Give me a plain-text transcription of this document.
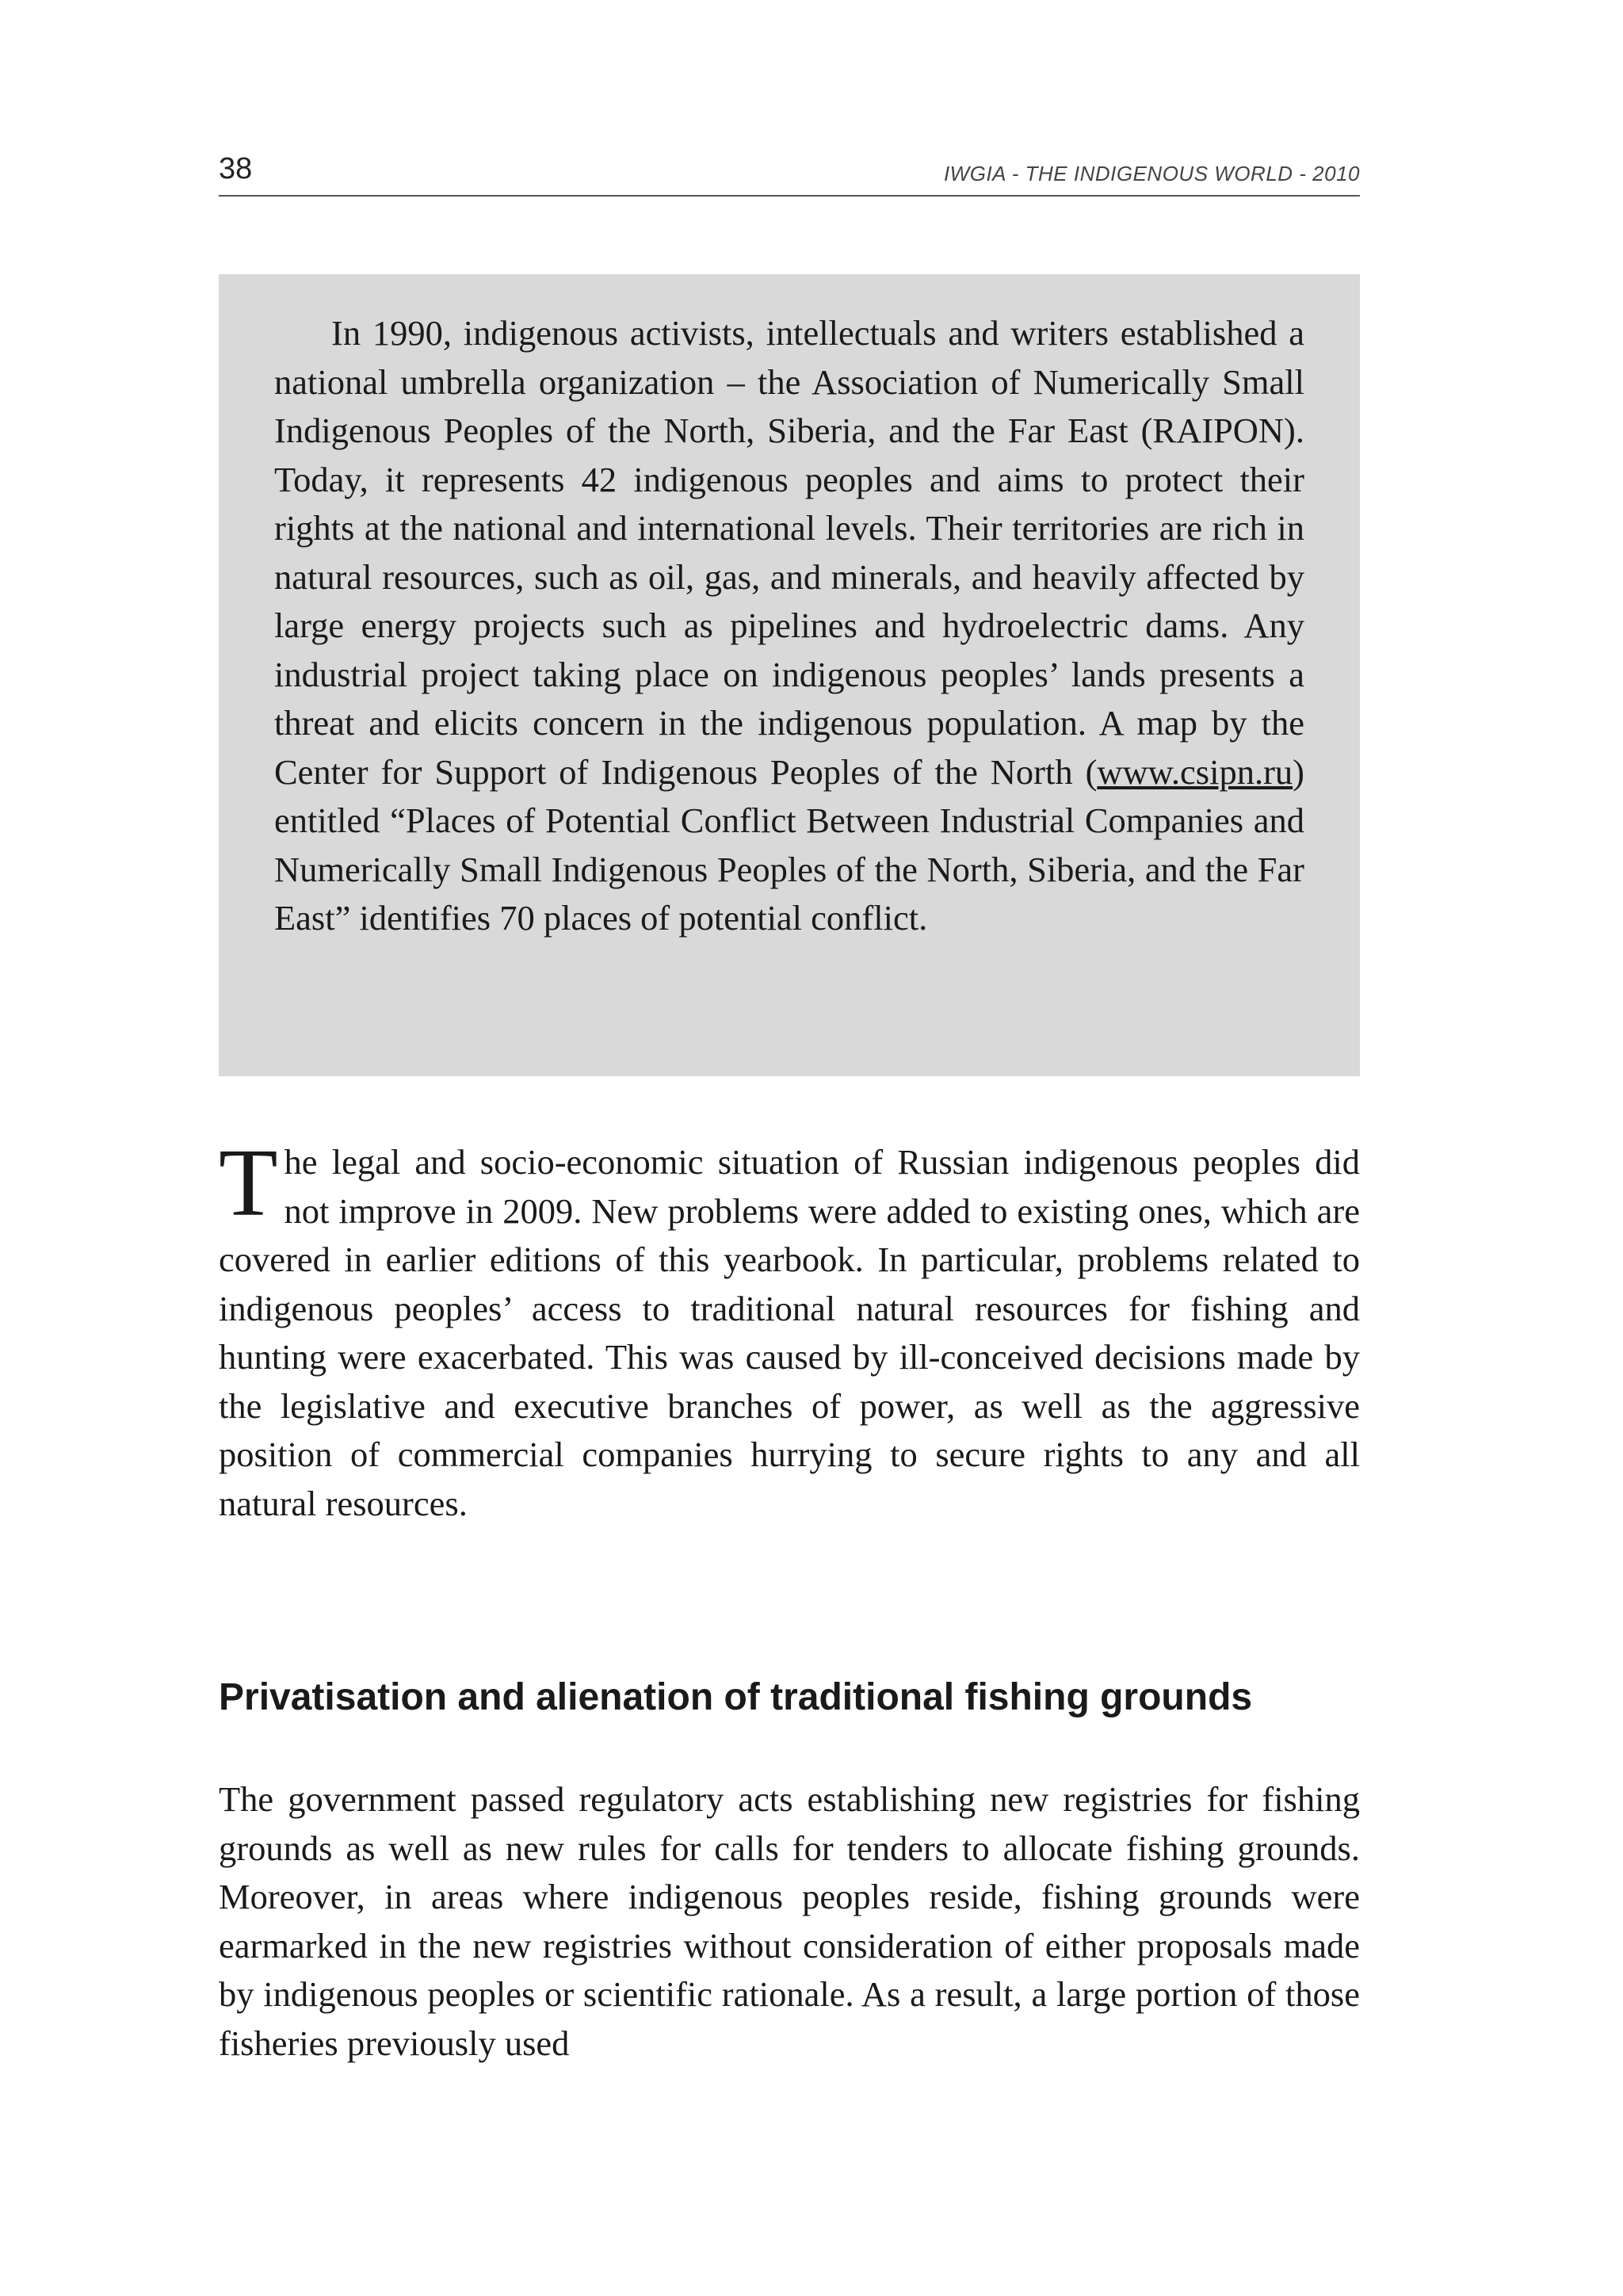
38	IWGIA - THE INDIGENOUS WORLD - 2010

In 1990, indigenous activists, intellectuals and writers established a national umbrella organization – the Association of Numerically Small Indigenous Peoples of the North, Siberia, and the Far East (RAIPON). Today, it represents 42 indigenous peoples and aims to protect their rights at the national and international levels. Their territories are rich in natural resources, such as oil, gas, and minerals, and heavily affected by large energy projects such as pipelines and hydroelectric dams. Any industrial project taking place on indigenous peoples’ lands presents a threat and elicits concern in the indigenous population. A map by the Center for Support of Indigenous Peoples of the North (www.csipn.ru) entitled “Places of Potential Conflict Between Industrial Companies and Numerically Small Indigenous Peoples of the North, Siberia, and the Far East” identifies 70 places of potential conflict.

The legal and socio-economic situation of Russian indigenous peoples did not improve in 2009. New problems were added to existing ones, which are covered in earlier editions of this yearbook. In particular, problems related to indigenous peoples’ access to traditional natural resources for fishing and hunting were exacerbated. This was caused by ill-conceived decisions made by the legislative and executive branches of power, as well as the aggressive position of commercial companies hurrying to secure rights to any and all natural resources.

Privatisation and alienation of traditional fishing grounds

The government passed regulatory acts establishing new registries for fishing grounds as well as new rules for calls for tenders to allocate fishing grounds. Moreover, in areas where indigenous peoples reside, fishing grounds were earmarked in the new registries without consideration of either proposals made by indigenous peoples or scientific rationale. As a result, a large portion of those fisheries previously used
